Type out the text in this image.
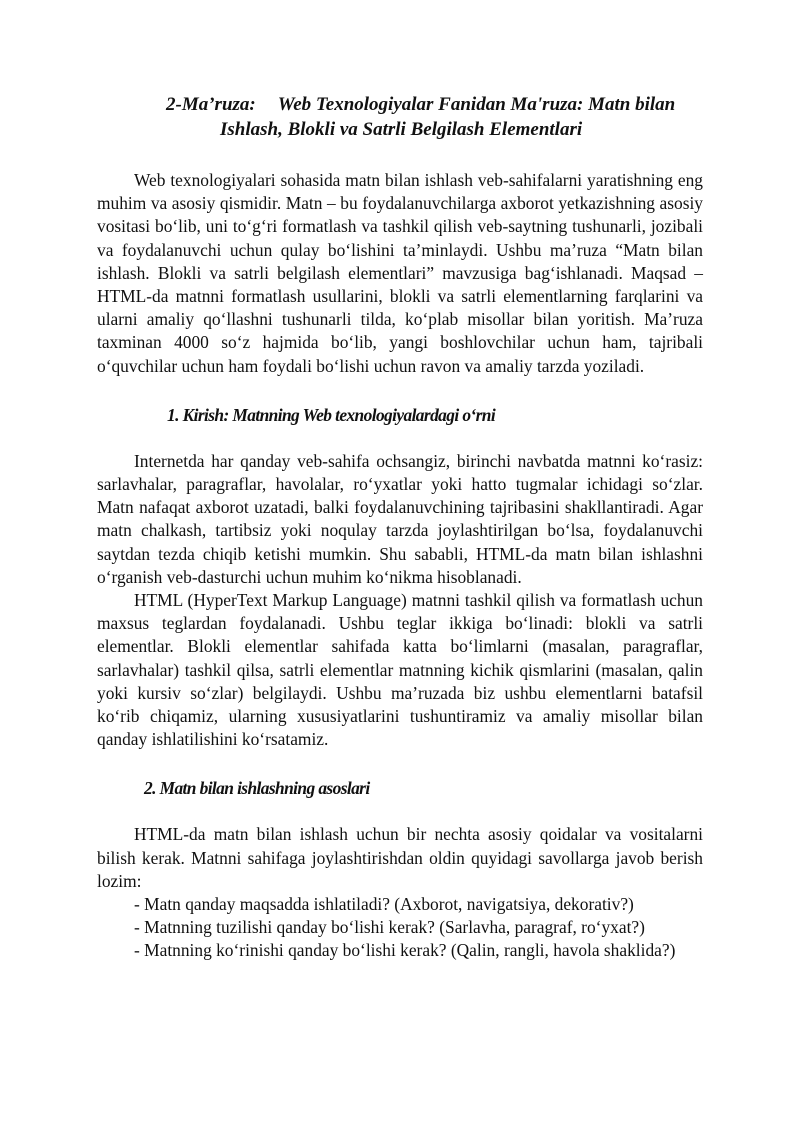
2-Ma’ruza: Web Texnologiyalar Fanidan Ma'ruza: Matn bilan
Ishlash, Blokli va Satrli Belgilash Elementlari

Web texnologiyalari sohasida matn bilan ishlash veb-sahifalarni yaratishning eng muhim va asosiy qismidir. Matn – bu foydalanuvchilarga axborot yetkazishning asosiy vositasi bo‘lib, uni to‘g‘ri formatlash va tashkil qilish veb-saytning tushunarli, jozibali va foydalanuvchi uchun qulay bo‘lishini ta’minlaydi. Ushbu ma’ruza “Matn bilan ishlash. Blokli va satrli belgilash elementlari” mavzusiga bag‘ishlanadi. Maqsad – HTML-da matnni formatlash usullarini, blokli va satrli elementlarning farqlarini va ularni amaliy qo‘llashni tushunarli tilda, ko‘plab misollar bilan yoritish. Ma’ruza taxminan 4000 so‘z hajmida bo‘lib, yangi boshlovchilar uchun ham, tajribali o‘quvchilar uchun ham foydali bo‘lishi uchun ravon va amaliy tarzda yoziladi.

1. Kirish: Matnning Web texnologiyalardagi o‘rni

Internetda har qanday veb-sahifa ochsangiz, birinchi navbatda matnni ko‘rasiz: sarlavhalar, paragraflar, havolalar, ro‘yxatlar yoki hatto tugmalar ichidagi so‘zlar. Matn nafaqat axborot uzatadi, balki foydalanuvchining tajribasini shakllantiradi. Agar matn chalkash, tartibsiz yoki noqulay tarzda joylashtirilgan bo‘lsa, foydalanuvchi saytdan tezda chiqib ketishi mumkin. Shu sababli, HTML-da matn bilan ishlashni o‘rganish veb-dasturchi uchun muhim ko‘nikma hisoblanadi.

HTML (HyperText Markup Language) matnni tashkil qilish va formatlash uchun maxsus teglardan foydalanadi. Ushbu teglar ikkiga bo‘linadi: blokli va satrli elementlar. Blokli elementlar sahifada katta bo‘limlarni (masalan, paragraflar, sarlavhalar) tashkil qilsa, satrli elementlar matnning kichik qismlarini (masalan, qalin yoki kursiv so‘zlar) belgilaydi. Ushbu ma’ruzada biz ushbu elementlarni batafsil ko‘rib chiqamiz, ularning xususiyatlarini tushuntiramiz va amaliy misollar bilan qanday ishlatilishini ko‘rsatamiz.

2. Matn bilan ishlashning asoslari

HTML-da matn bilan ishlash uchun bir nechta asosiy qoidalar va vositalarni bilish kerak. Matnni sahifaga joylashtirishdan oldin quyidagi savollarga javob berish lozim:

- Matn qanday maqsadda ishlatiladi? (Axborot, navigatsiya, dekorativ?)

- Matnning tuzilishi qanday bo‘lishi kerak? (Sarlavha, paragraf, ro‘yxat?)

- Matnning ko‘rinishi qanday bo‘lishi kerak? (Qalin, rangli, havola shaklida?)
